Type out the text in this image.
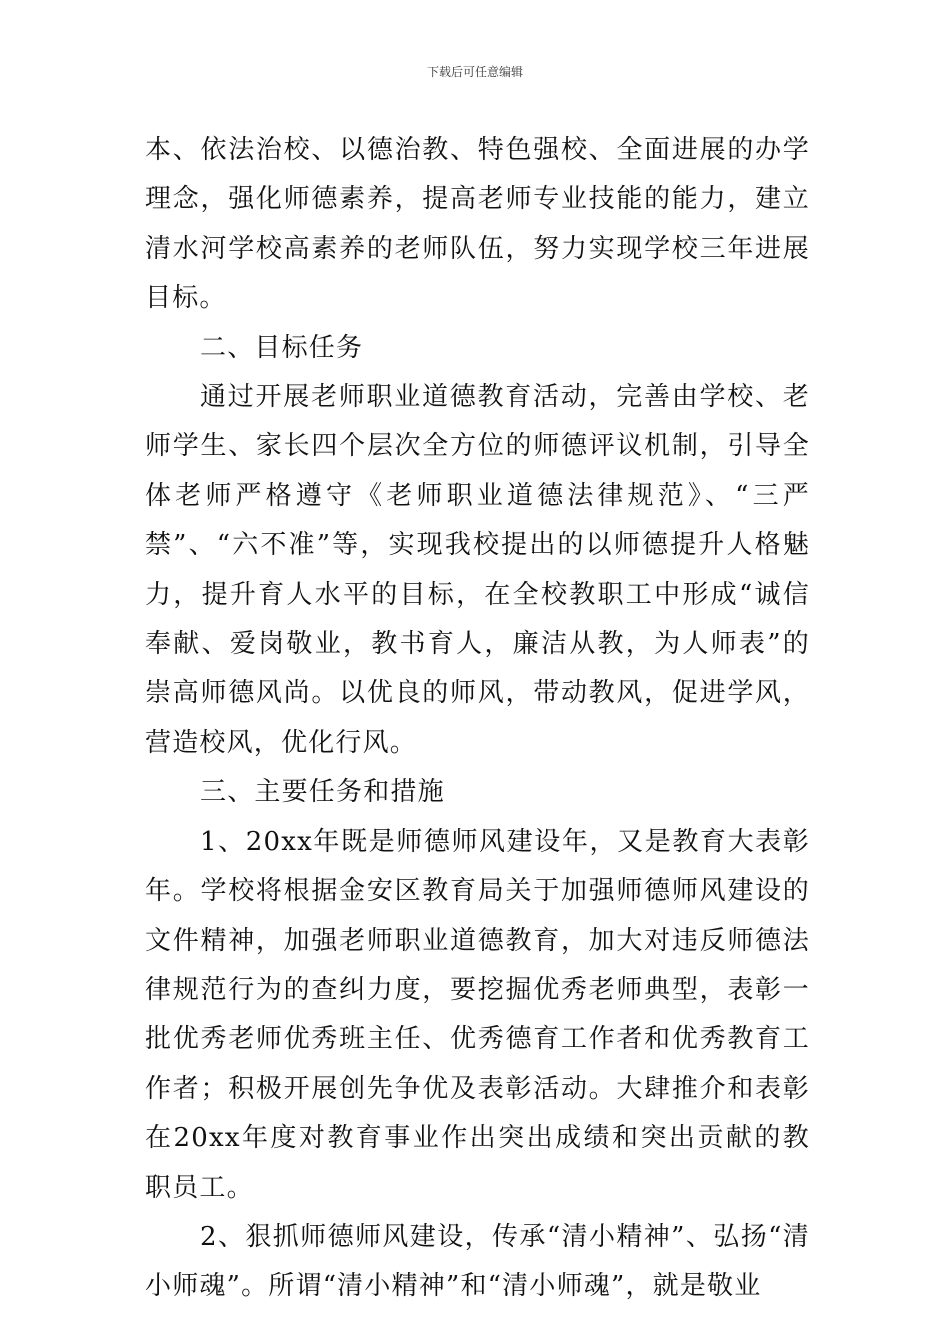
下载后可任意编辑

本、依法治校、以德治教、特色强校、全面进展的办学理念，强化师德素养，提高老师专业技能的能力，建立清水河学校高素养的老师队伍，努力实现学校三年进展目标。

二、目标任务

通过开展老师职业道德教育活动，完善由学校、老师学生、家长四个层次全方位的师德评议机制，引导全体老师严格遵守《老师职业道德法律规范》、“三严禁”、“六不准”等，实现我校提出的以师德提升人格魅力，提升育人水平的目标，在全校教职工中形成“诚信奉献、爱岗敬业，教书育人，廉洁从教，为人师表”的崇高师德风尚。以优良的师风，带动教风，促进学风，营造校风，优化行风。

三、主要任务和措施

1、20xx年既是师德师风建设年，又是教育大表彰年。学校将根据金安区教育局关于加强师德师风建设的文件精神，加强老师职业道德教育，加大对违反师德法律规范行为的查纠力度，要挖掘优秀老师典型，表彰一批优秀老师优秀班主任、优秀德育工作者和优秀教育工作者；积极开展创先争优及表彰活动。大肆推介和表彰在20xx年度对教育事业作出突出成绩和突出贡献的教职员工。

2、狠抓师德师风建设，传承“清小精神”、弘扬“清小师魂”。所谓“清小精神”和“清小师魂”，就是敬业
